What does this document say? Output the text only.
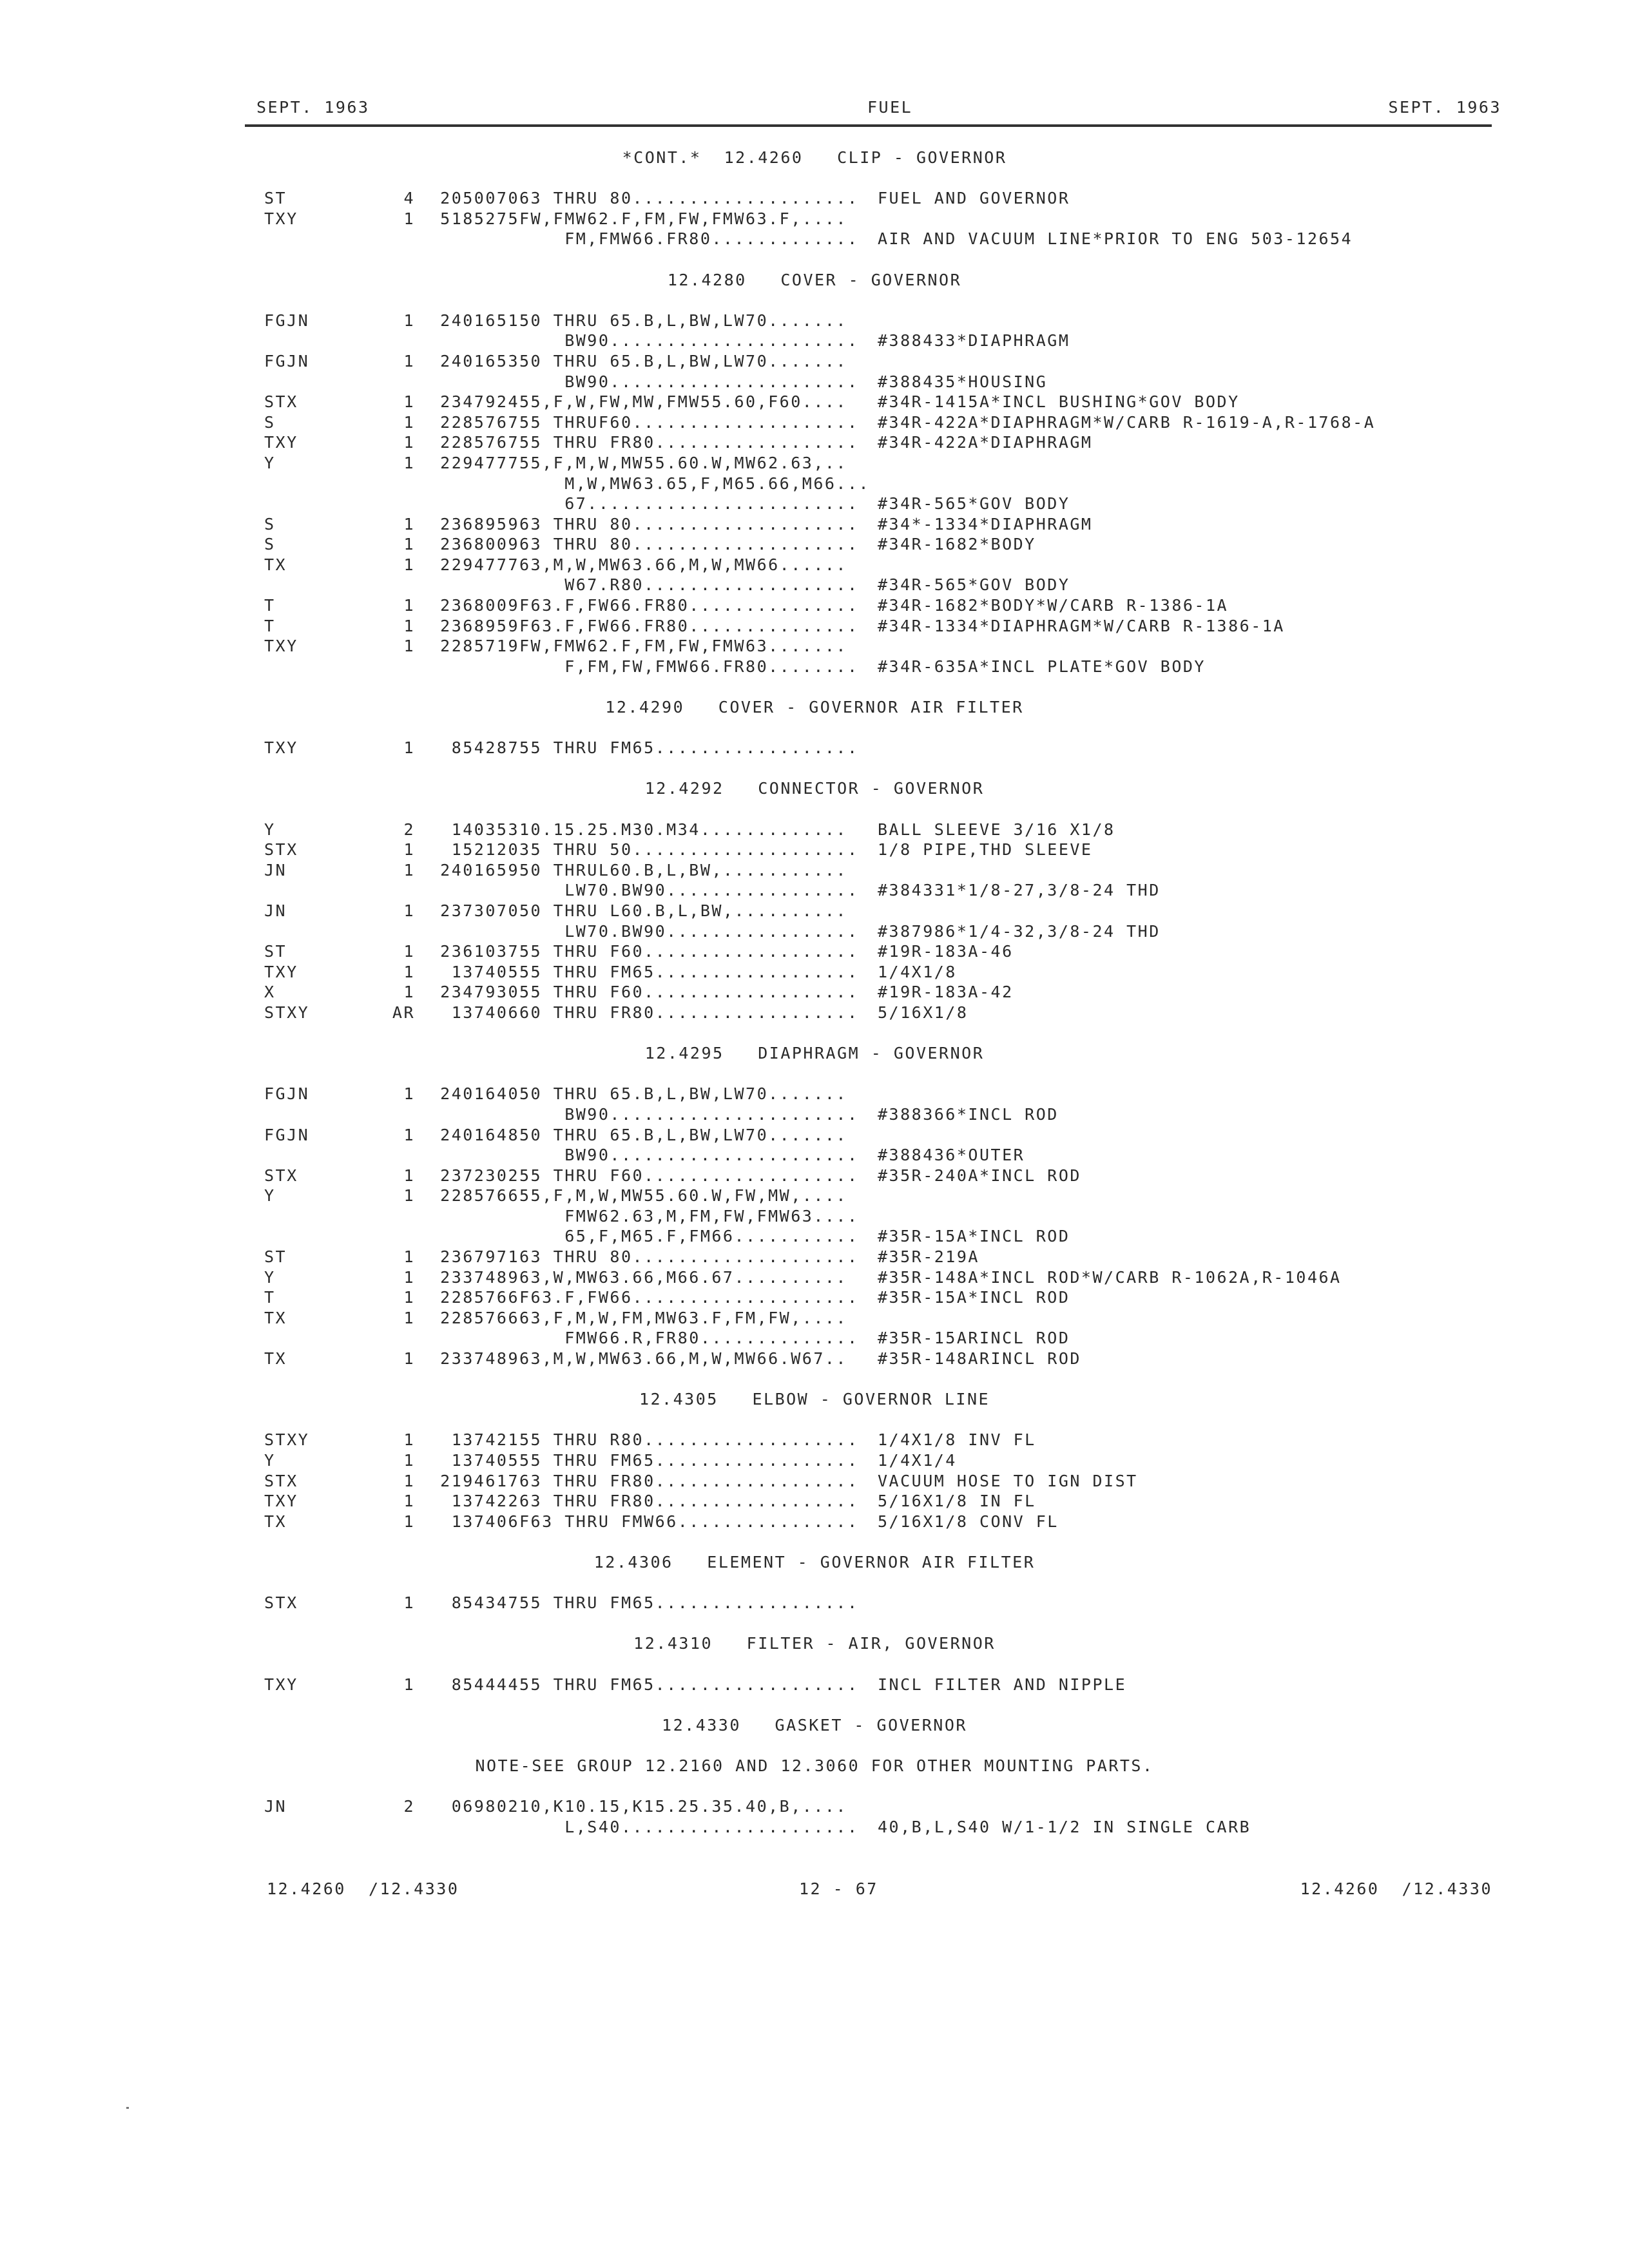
SEPT. 1963	FUEL	SEPT. 1963
*CONT.*  12.4260   CLIP - GOVERNOR
ST	4	2050070 63 THRU 80.................... FUEL AND GOVERNOR
TXY	1	5185275 FW,FMW62.F,FM,FW,FMW63.F,....
FM,FMW66.FR80............. AIR AND VACUUM LINE*PRIOR TO ENG 503-12654
12.4280   COVER - GOVERNOR
FGJN	1	2401651 50 THRU 65.B,L,BW,LW70.......
BW90...................... #388433*DIAPHRAGM
FGJN	1	2401653 50 THRU 65.B,L,BW,LW70.......
BW90...................... #388435*HOUSING
STX	1	2347924 55,F,W,FW,MW,FMW55.60,F60.... #34R-1415A*INCL BUSHING*GOV BODY
S	1	2285767 55 THRUF60.................... #34R-422A*DIAPHRAGM*W/CARB R-1619-A,R-1768-A
TXY	1	2285767 55 THRU FR80.................. #34R-422A*DIAPHRAGM
Y	1	2294777 55,F,M,W,MW55.60.W,MW62.63,..
M,W,MW63.65,F,M65.66,M66...
67........................ #34R-565*GOV BODY
S	1	2368959 63 THRU 80.................... #34*-1334*DIAPHRAGM
S	1	2368009 63 THRU 80.................... #34R-1682*BODY
TX	1	2294777 63,M,W,MW63.66,M,W,MW66......
W67.R80................... #34R-565*GOV BODY
T	1	2368009 F63.F,FW66.FR80............... #34R-1682*BODY*W/CARB R-1386-1A
T	1	2368959 F63.F,FW66.FR80............... #34R-1334*DIAPHRAGM*W/CARB R-1386-1A
TXY	1	2285719 FW,FMW62.F,FM,FW,FMW63.......
F,FM,FW,FMW66.FR80........ #34R-635A*INCL PLATE*GOV BODY
12.4290   COVER - GOVERNOR AIR FILTER
TXY	1	854287 55 THRU FM65..................
12.4292   CONNECTOR - GOVERNOR
Y	2	140353 10.15.25.M30.M34............. BALL SLEEVE 3/16 X1/8
STX	1	152120 35 THRU 50.................... 1/8 PIPE,THD SLEEVE
JN	1	2401659 50 THRUL60.B,L,BW,...........
LW70.BW90................. #384331*1/8-27,3/8-24 THD
JN	1	2373070 50 THRU L60.B,L,BW,..........
LW70.BW90................. #387986*1/4-32,3/8-24 THD
ST	1	2361037 55 THRU F60................... #19R-183A-46
TXY	1	137405 55 THRU FM65.................. 1/4X1/8
X	1	2347930 55 THRU F60................... #19R-183A-42
STXY	AR	137406 60 THRU FR80.................. 5/16X1/8
12.4295   DIAPHRAGM - GOVERNOR
FGJN	1	2401640 50 THRU 65.B,L,BW,LW70.......
BW90...................... #388366*INCL ROD
FGJN	1	2401648 50 THRU 65.B,L,BW,LW70.......
BW90...................... #388436*OUTER
STX	1	2372302 55 THRU F60................... #35R-240A*INCL ROD
Y	1	2285766 55,F,M,W,MW55.60.W,FW,MW,....
FMW62.63,M,FM,FW,FMW63....
65,F,M65.F,FM66........... #35R-15A*INCL ROD
ST	1	2367971 63 THRU 80.................... #35R-219A
Y	1	2337489 63,W,MW63.66,M66.67.......... #35R-148A*INCL ROD*W/CARB R-1062A,R-1046A
T	1	2285766 F63.F,FW66.................... #35R-15A*INCL ROD
TX	1	2285766 63,F,M,W,FM,MW63.F,FM,FW,....
FMW66.R,FR80.............. #35R-15ARINCL ROD
TX	1	2337489 63,M,W,MW63.66,M,W,MW66.W67.. #35R-148ARINCL ROD
12.4305   ELBOW - GOVERNOR LINE
STXY	1	137421 55 THRU R80................... 1/4X1/8 INV FL
Y	1	137405 55 THRU FM65.................. 1/4X1/4
STX	1	2194617 63 THRU FR80.................. VACUUM HOSE TO IGN DIST
TXY	1	137422 63 THRU FR80.................. 5/16X1/8 IN FL
TX	1	137406 F63 THRU FMW66................ 5/16X1/8 CONV FL
12.4306   ELEMENT - GOVERNOR AIR FILTER
STX	1	854347 55 THRU FM65..................
12.4310   FILTER - AIR, GOVERNOR
TXY	1	854444 55 THRU FM65.................. INCL FILTER AND NIPPLE
12.4330   GASKET - GOVERNOR
NOTE-SEE GROUP 12.2160 AND 12.3060 FOR OTHER MOUNTING PARTS.
JN	2	069802 10,K10.15,K15.25.35.40,B,....
L,S40..................... 40,B,L,S40 W/1-1/2 IN SINGLE CARB
12.4260  /12.4330	12 - 67	12.4260  /12.4330
